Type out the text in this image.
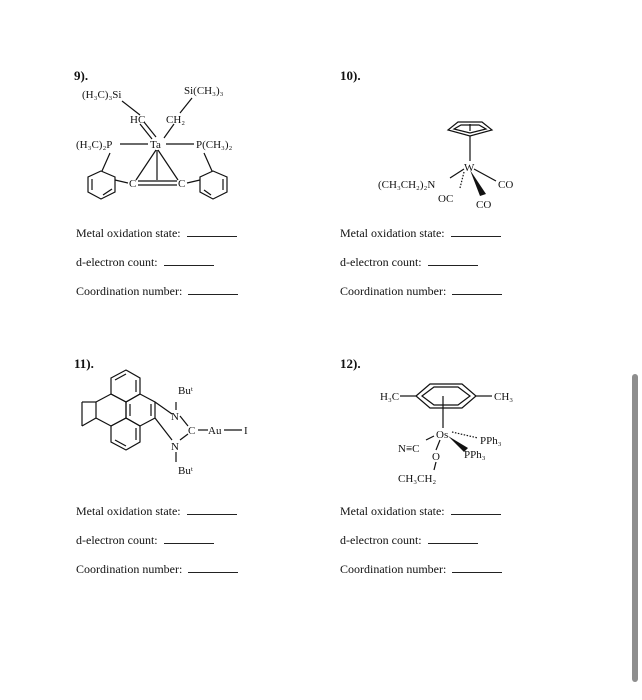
9).
(H₃C)₃Si	Si(CH₃)₃
HC CH₂
(H₃C)₂P	Ta	P(CH₃)₂
C	C
Metal oxidation state:
d-electron count:
Coordination number:
10).
W
(CH₃CH₂)₂N
OC
CO
CO
Metal oxidation state:
d-electron count:
Coordination number:
11).
Buᵗ
N
C Au I
N
Buᵗ
Metal oxidation state:
d-electron count:
Coordination number:
12).
H₃C	CH₃
Os	PPh₃
PPh₃
N≡C
O
CH₃CH₂
Metal oxidation state:
d-electron count:
Coordination number:
